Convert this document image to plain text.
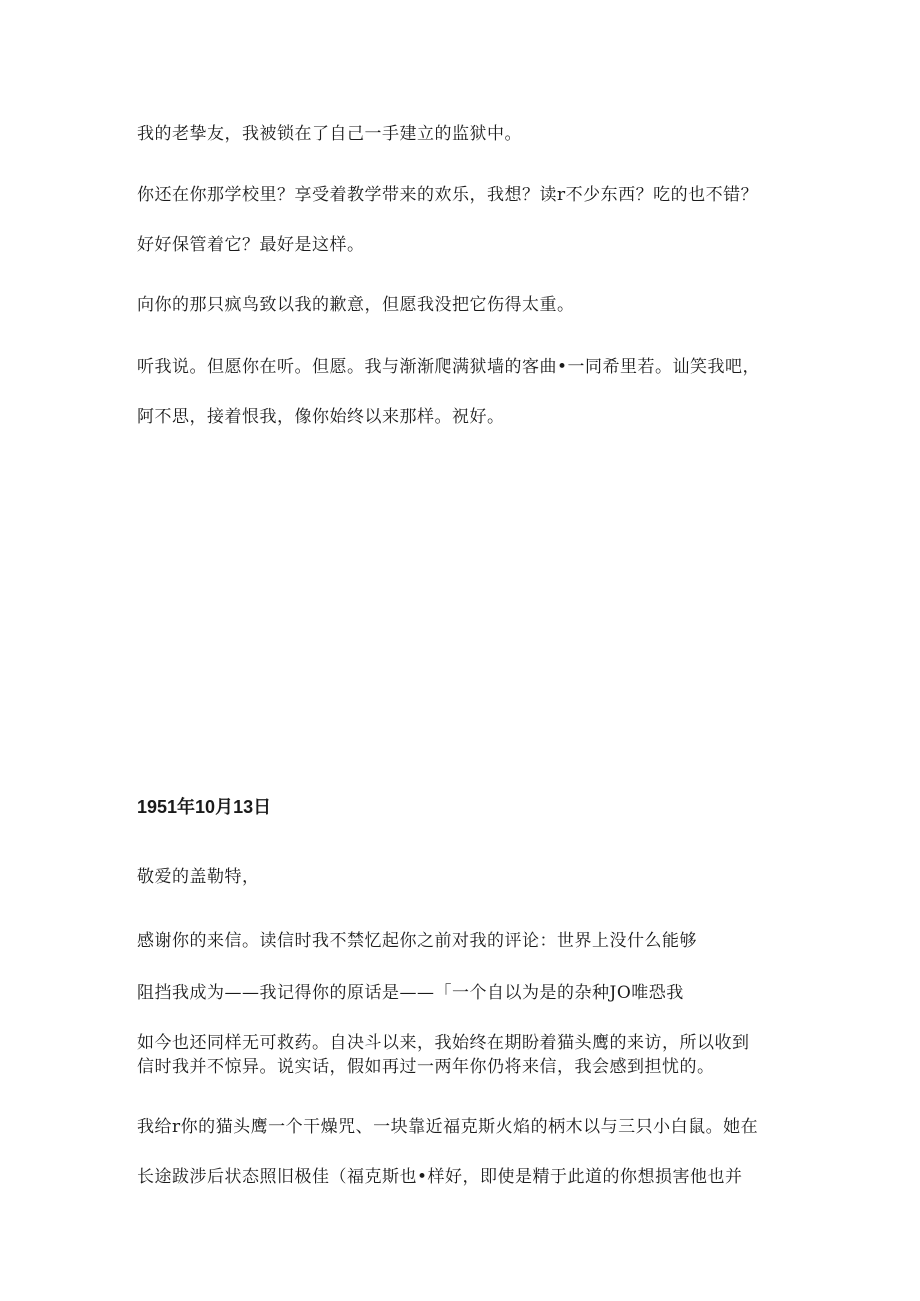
我的老挚友，我被锁在了自己一手建立的监狱中。

你还在你那学校里？享受着教学带来的欢乐，我想？读r不少东西？吃的也不错？

好好保管着它？最好是这样。

向你的那只疯鸟致以我的歉意，但愿我没把它伤得太重。

听我说。但愿你在听。但愿。我与渐渐爬满狱墙的客曲•一同希里若。讪笑我吧，

阿不思，接着恨我，像你始终以来那样。祝好。

1951年10月13日

敬爱的盖勒特，

感谢你的来信。读信时我不禁忆起你之前对我的评论：世界上没什么能够

阻挡我成为——我记得你的原话是——「一个自以为是的杂种JO唯恐我

如今也还同样无可救药。自决斗以来，我始终在期盼着猫头鹰的来访，所以收到

信时我并不惊异。说实话，假如再过一两年你仍将来信，我会感到担忧的。

我给r你的猫头鹰一个干燥咒、一块靠近福克斯火焰的柄木以与三只小白鼠。她在

长途跋涉后状态照旧极佳（福克斯也•样好，即使是精于此道的你想损害他也并
